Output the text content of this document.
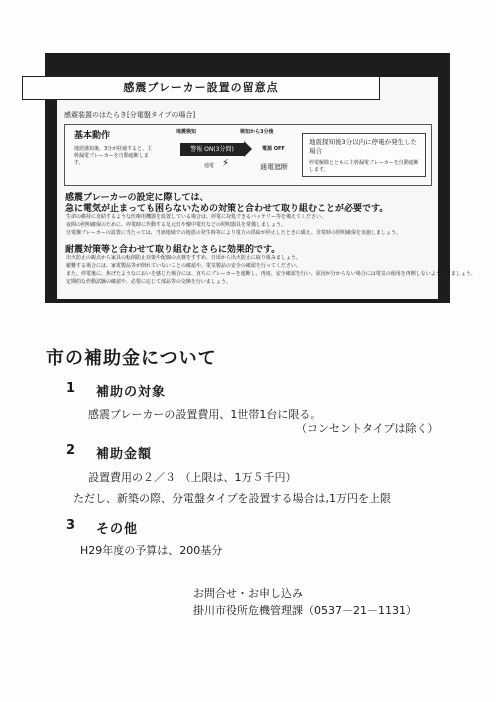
感震ブレーカー設置の留意点
感震装置のはたらき[分電盤タイプの場合]
基本動作
地震感知後、3分が経過すると、主幹漏電ブレーカーを自動遮断します。
地震検知	検知から3分後
警報 ON(3分間)
通電 ⚡
電源 OFF
通電遮断
地震探知後3分以内に停電が発生した場合
停電解除とともに主幹漏電ブレーカーを自動遮断します。
感震ブレーカーの設定に際しては、
急に電気が止まっても困らないための対策と合わせて取り組むことが必要です。
生命の維持に直結するような医療用機器を設置している場合は、停電に対処できるバッテリー等を備えてください。
夜間の照明確保のために、停電時に作動する足元灯や懐中電灯などの照明器具を常備しましょう。
分電盤ブレーカーの設置に当たっては、当該地域での地震の発生時等により電力の供給が停止したときに備え、非常時の照明確保を実施しましょう。
耐震対策等と合わせて取り組むとさらに効果的です。
出火防止の観点から家具の転倒防止対策や配線の点検をすすめ、日頃から出火防止に取り組みましょう。
避難する場合には、家電製品等が倒れていないことの確認や、電気製品の安全の確認を行ってください。
また、停電後に、焦げたようなにおいを感じた場合には、直ちにブレーカーを遮断し、再度、安全確認を行い、原因が分からない場合には電気の使用を再開しないようにしましょう。
定期的な作動試験の確認や、必要に応じて部品等の交換を行いましょう。
市の補助金について
1 補助の対象
感震ブレーカーの設置費用、1世帯1台に限る。
（コンセントタイプは除く）
2 補助金額
設置費用の２／３ （上限は、1万５千円）
ただし、新築の際、分電盤タイプを設置する場合は,1万円を上限
3 その他
H29年度の予算は、200基分
お問合せ・お申し込み
掛川市役所危機管理課（0537－21－1131）
